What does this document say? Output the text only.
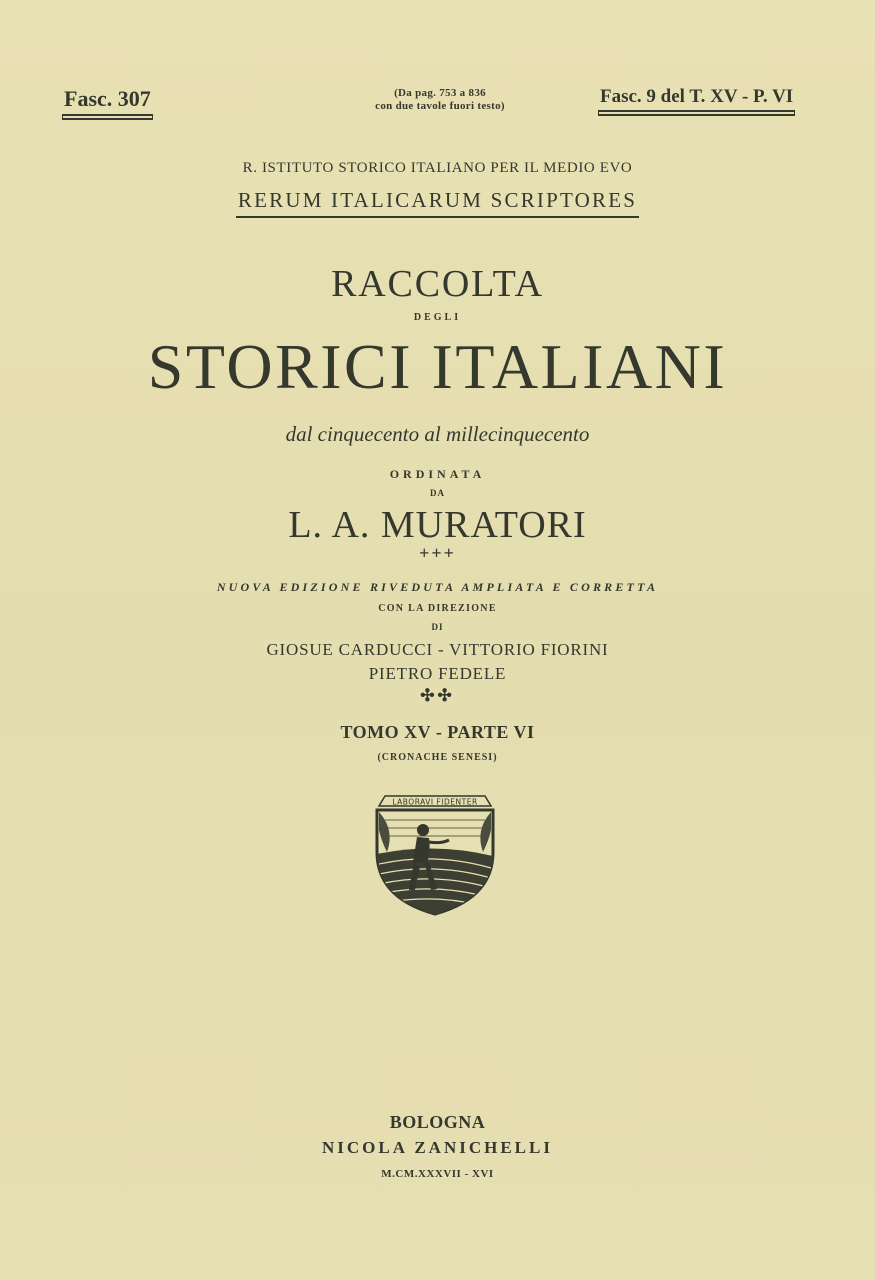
Fasc. 307	(Da pag. 753 a 836
con due tavole fuori testo)	Fasc. 9 del T. XV - P. VI
R. ISTITUTO STORICO ITALIANO PER IL MEDIO EVO
RERUM ITALICARUM SCRIPTORES
RACCOLTA
DEGLI
STORICI ITALIANI
dal cinquecento al millecinquecento
ORDINATA
DA
L. A. MURATORI
+++
NUOVA EDIZIONE RIVEDUTA AMPLIATA E CORRETTA
CON LA DIREZIONE
DI
GIOSUE CARDUCCI - VITTORIO FIORINI
PIETRO FEDELE
✣✣
TOMO XV - PARTE VI
(CRONACHE SENESI)
LABORAVI FIDENTER
BOLOGNA
NICOLA ZANICHELLI
M.CM.XXXVII - XVI
